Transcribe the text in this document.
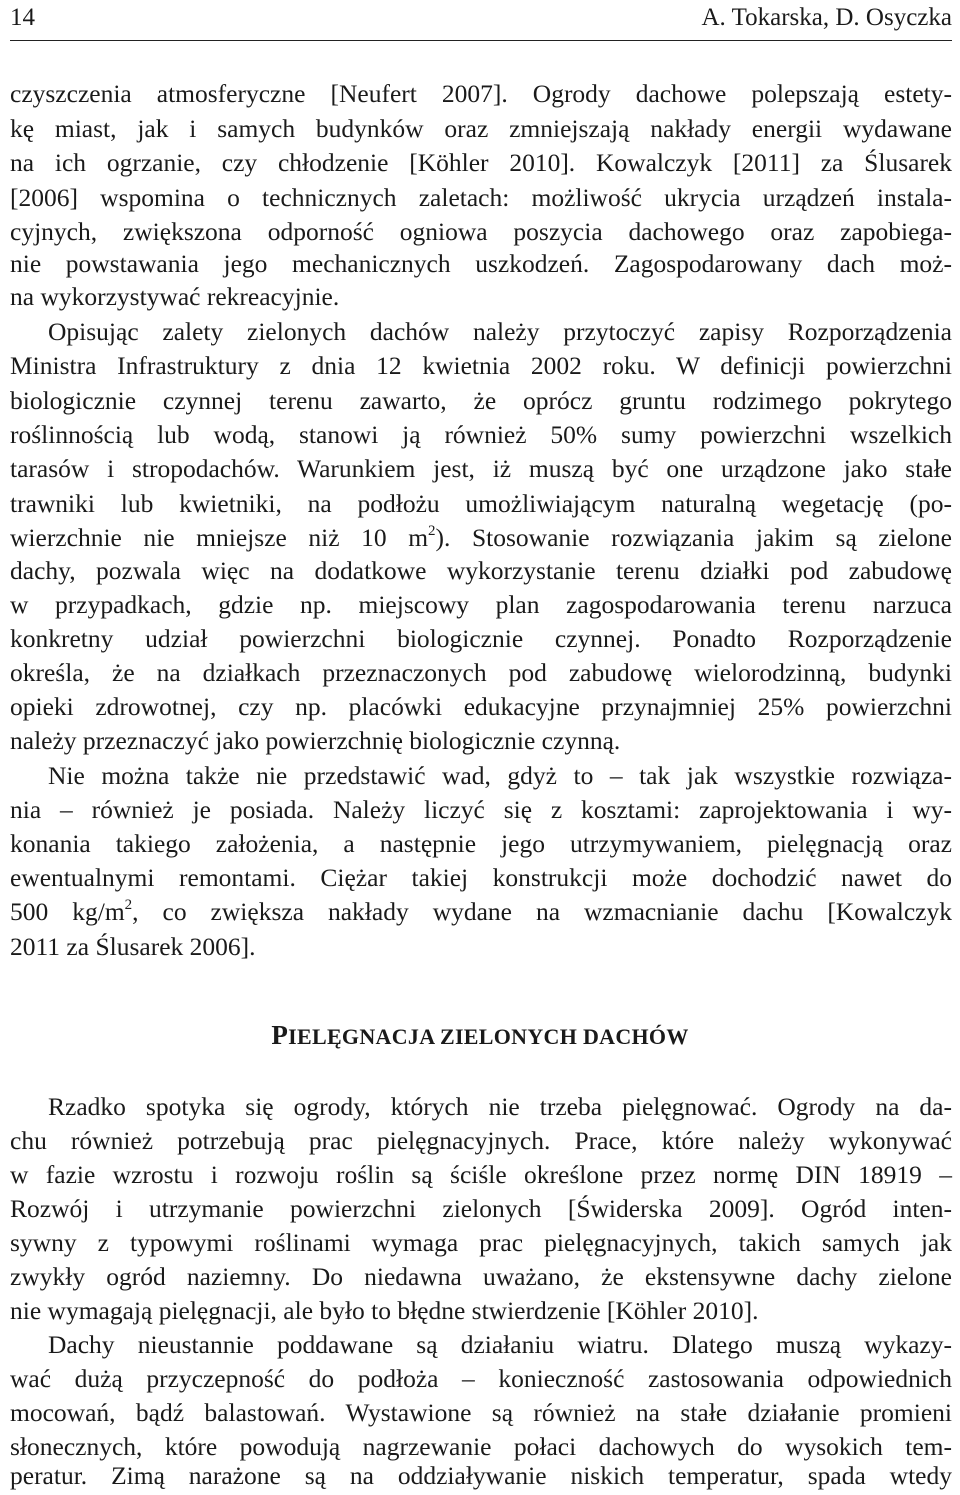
14	A. Tokarska, D. Osyczka
czyszczenia atmosferyczne [Neufert 2007]. Ogrody dachowe polepszają estety-
kę miast, jak i samych budynków oraz zmniejszają nakłady energii wydawane
na ich ogrzanie, czy chłodzenie [Köhler 2010]. Kowalczyk [2011] za Ślusarek
[2006] wspomina o technicznych zaletach: możliwość ukrycia urządzeń instala-
cyjnych, zwiększona odporność ogniowa poszycia dachowego oraz zapobiega-
nie powstawania jego mechanicznych uszkodzeń. Zagospodarowany dach moż-
na wykorzystywać rekreacyjnie.
Opisując zalety zielonych dachów należy przytoczyć zapisy Rozporządzenia
Ministra Infrastruktury z dnia 12 kwietnia 2002 roku. W definicji powierzchni
biologicznie czynnej terenu zawarto, że oprócz gruntu rodzimego pokrytego
roślinnością lub wodą, stanowi ją również 50% sumy powierzchni wszelkich
tarasów i stropodachów. Warunkiem jest, iż muszą być one urządzone jako stałe
trawniki lub kwietniki, na podłożu umożliwiającym naturalną wegetację (po-
wierzchnie nie mniejsze niż 10 $m^2$). Stosowanie rozwiązania jakim są zielone
dachy, pozwala więc na dodatkowe wykorzystanie terenu działki pod zabudowę
w przypadkach, gdzie np. miejscowy plan zagospodarowania terenu narzuca
konkretny udział powierzchni biologicznie czynnej. Ponadto Rozporządzenie
określa, że na działkach przeznaczonych pod zabudowę wielorodzinną, budynki
opieki zdrowotnej, czy np. placówki edukacyjne przynajmniej 25% powierzchni
należy przeznaczyć jako powierzchnię biologicznie czynną.
Nie można także nie przedstawić wad, gdyż to – tak jak wszystkie rozwiąza-
nia – również je posiada. Należy liczyć się z kosztami: zaprojektowania i wy-
konania takiego założenia, a następnie jego utrzymywaniem, pielęgnacją oraz
ewentualnymi remontami. Ciężar takiej konstrukcji może dochodzić nawet do
500 $kg/m^2$, co zwiększa nakłady wydane na wzmacnianie dachu [Kowalczyk
2011 za Ślusarek 2006].
PIELĘGNACJA ZIELONYCH DACHÓW
Rzadko spotyka się ogrody, których nie trzeba pielęgnować. Ogrody na da-
chu również potrzebują prac pielęgnacyjnych. Prace, które należy wykonywać
w fazie wzrostu i rozwoju roślin są ściśle określone przez normę DIN 18919 –
Rozwój i utrzymanie powierzchni zielonych [Świderska 2009]. Ogród inten-
sywny z typowymi roślinami wymaga prac pielęgnacyjnych, takich samych jak
zwykły ogród naziemny. Do niedawna uważano, że ekstensywne dachy zielone
nie wymagają pielęgnacji, ale było to błędne stwierdzenie [Köhler 2010].
Dachy nieustannie poddawane są działaniu wiatru. Dlatego muszą wykazy-
wać dużą przyczepność do podłoża – konieczność zastosowania odpowiednich
mocowań, bądź balastowań. Wystawione są również na stałe działanie promieni
słonecznych, które powodują nagrzewanie połaci dachowych do wysokich tem-
peratur. Zimą narażone są na oddziaływanie niskich temperatur, spada wtedy
